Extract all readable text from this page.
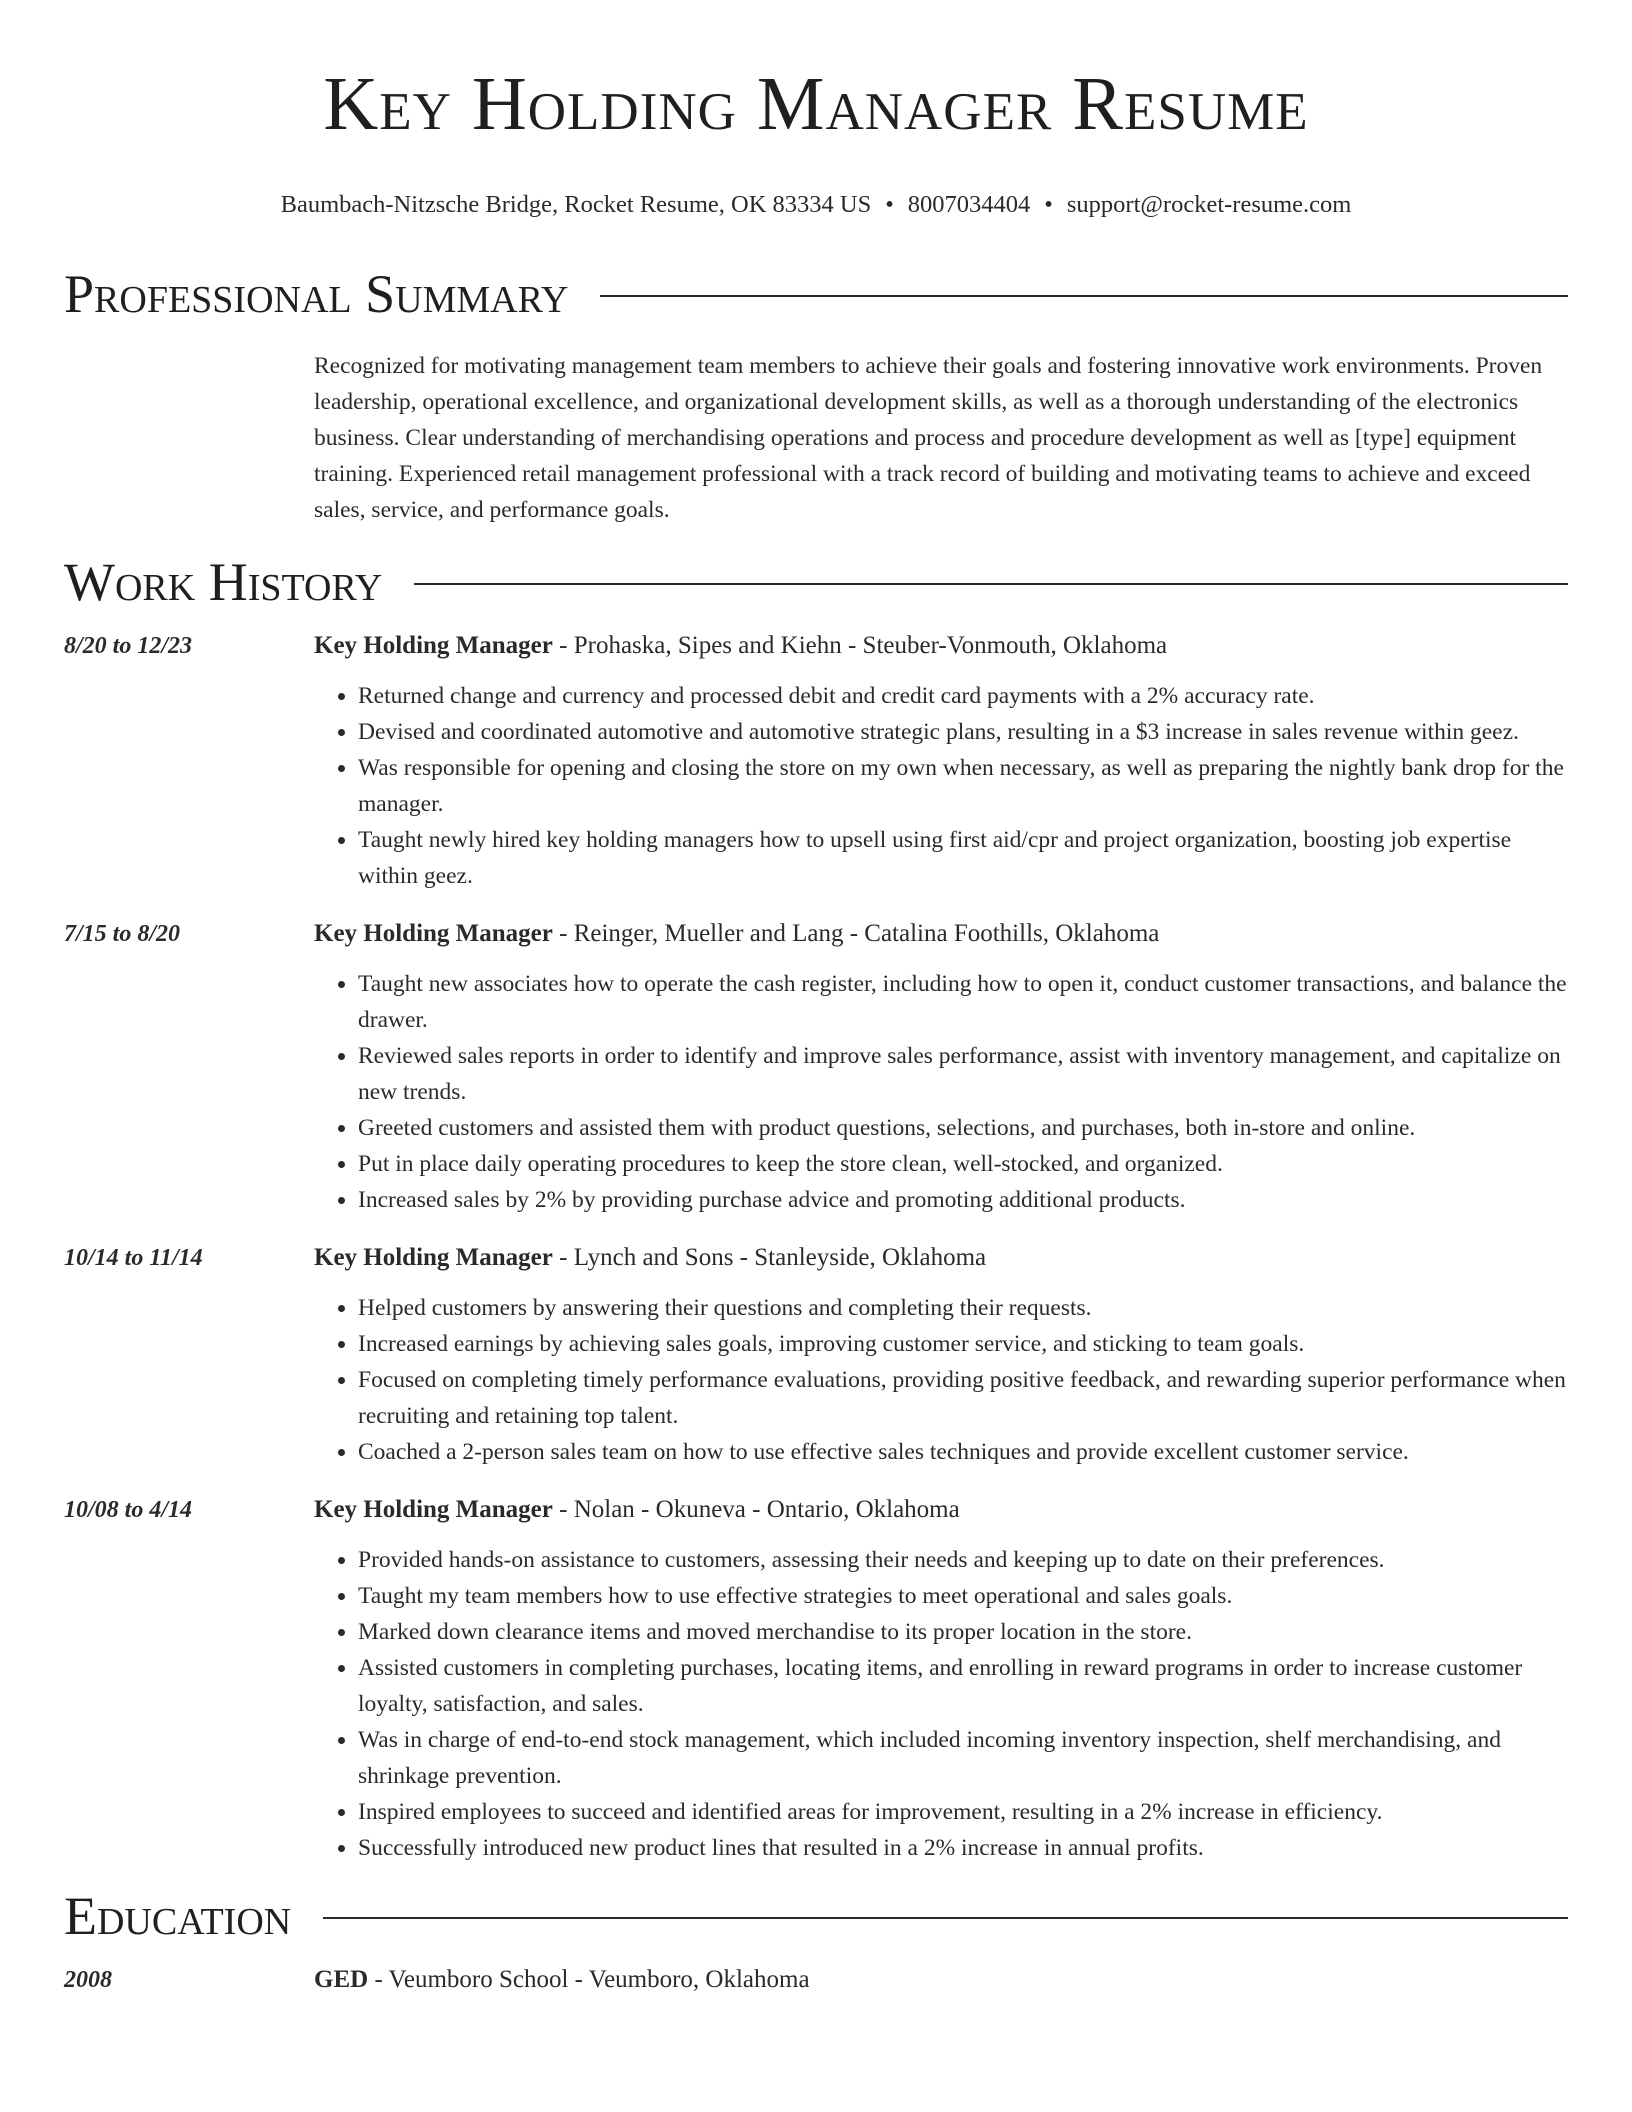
Key Holding Manager Resume
Baumbach-Nitzsche Bridge, Rocket Resume, OK 83334 US • 8007034404 • support@rocket-resume.com
Professional Summary
Recognized for motivating management team members to achieve their goals and fostering innovative work environments. Proven leadership, operational excellence, and organizational development skills, as well as a thorough understanding of the electronics business. Clear understanding of merchandising operations and process and procedure development as well as [type] equipment training. Experienced retail management professional with a track record of building and motivating teams to achieve and exceed sales, service, and performance goals.
Work History
8/20 to 12/23	Key Holding Manager - Prohaska, Sipes and Kiehn - Steuber-Vonmouth, Oklahoma
• Returned change and currency and processed debit and credit card payments with a 2% accuracy rate.
• Devised and coordinated automotive and automotive strategic plans, resulting in a $3 increase in sales revenue within geez.
• Was responsible for opening and closing the store on my own when necessary, as well as preparing the nightly bank drop for the manager.
• Taught newly hired key holding managers how to upsell using first aid/cpr and project organization, boosting job expertise within geez.
7/15 to 8/20	Key Holding Manager - Reinger, Mueller and Lang - Catalina Foothills, Oklahoma
• Taught new associates how to operate the cash register, including how to open it, conduct customer transactions, and balance the drawer.
• Reviewed sales reports in order to identify and improve sales performance, assist with inventory management, and capitalize on new trends.
• Greeted customers and assisted them with product questions, selections, and purchases, both in-store and online.
• Put in place daily operating procedures to keep the store clean, well-stocked, and organized.
• Increased sales by 2% by providing purchase advice and promoting additional products.
10/14 to 11/14	Key Holding Manager - Lynch and Sons - Stanleyside, Oklahoma
• Helped customers by answering their questions and completing their requests.
• Increased earnings by achieving sales goals, improving customer service, and sticking to team goals.
• Focused on completing timely performance evaluations, providing positive feedback, and rewarding superior performance when recruiting and retaining top talent.
• Coached a 2-person sales team on how to use effective sales techniques and provide excellent customer service.
10/08 to 4/14	Key Holding Manager - Nolan - Okuneva - Ontario, Oklahoma
• Provided hands-on assistance to customers, assessing their needs and keeping up to date on their preferences.
• Taught my team members how to use effective strategies to meet operational and sales goals.
• Marked down clearance items and moved merchandise to its proper location in the store.
• Assisted customers in completing purchases, locating items, and enrolling in reward programs in order to increase customer loyalty, satisfaction, and sales.
• Was in charge of end-to-end stock management, which included incoming inventory inspection, shelf merchandising, and shrinkage prevention.
• Inspired employees to succeed and identified areas for improvement, resulting in a 2% increase in efficiency.
• Successfully introduced new product lines that resulted in a 2% increase in annual profits.
Education
2008	GED - Veumboro School - Veumboro, Oklahoma
